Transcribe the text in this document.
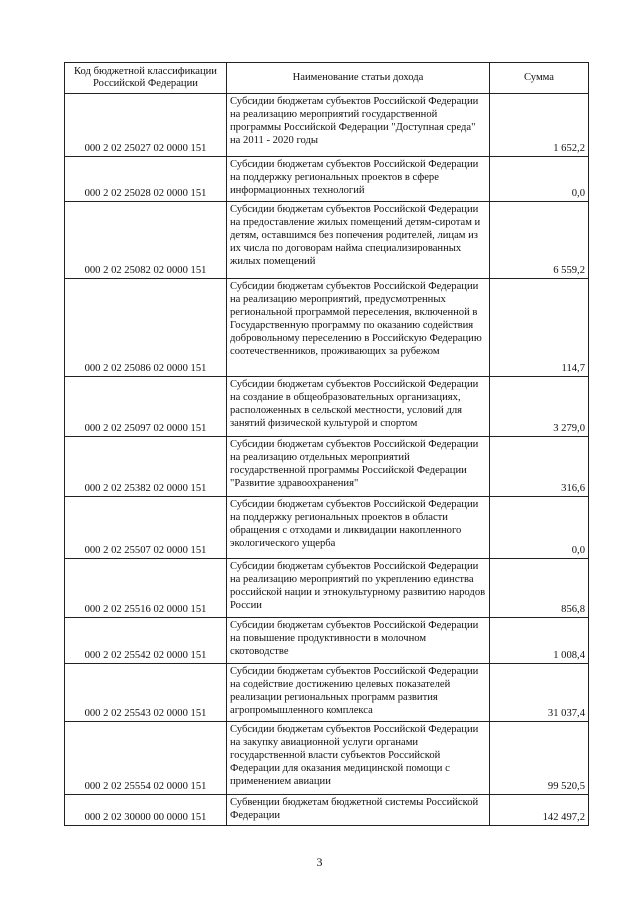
Код бюджетной классификации Российской Федерации	Наименование статьи дохода	Сумма
000 2 02 25027 02 0000 151	Субсидии бюджетам субъектов Российской Федерации на реализацию мероприятий государственной программы Российской Федерации "Доступная среда" на 2011 - 2020 годы	1 652,2
000 2 02 25028 02 0000 151	Субсидии бюджетам субъектов Российской Федерации на поддержку региональных проектов в сфере информационных технологий	0,0
000 2 02 25082 02 0000 151	Субсидии бюджетам субъектов Российской Федерации на предоставление жилых помещений детям-сиротам и детям, оставшимся без попечения родителей, лицам из их числа по договорам найма специализированных жилых помещений	6 559,2
000 2 02 25086 02 0000 151	Субсидии бюджетам субъектов Российской Федерации на реализацию мероприятий, предусмотренных региональной программой переселения, включенной в Государственную программу по оказанию содействия добровольному переселению в Российскую Федерацию соотечественников, проживающих за рубежом	114,7
000 2 02 25097 02 0000 151	Субсидии бюджетам субъектов Российской Федерации на создание в общеобразовательных организациях, расположенных в сельской местности, условий для занятий физической культурой и спортом	3 279,0
000 2 02 25382 02 0000 151	Субсидии бюджетам субъектов Российской Федерации на реализацию отдельных мероприятий государственной программы Российской Федерации "Развитие здравоохранения"	316,6
000 2 02 25507 02 0000 151	Субсидии бюджетам субъектов Российской Федерации на поддержку региональных проектов в области обращения с отходами и ликвидации накопленного экологического ущерба	0,0
000 2 02 25516 02 0000 151	Субсидии бюджетам субъектов Российской Федерации на реализацию мероприятий по укреплению единства российской нации и этнокультурному развитию народов России	856,8
000 2 02 25542 02 0000 151	Субсидии бюджетам субъектов Российской Федерации на повышение продуктивности в молочном скотоводстве	1 008,4
000 2 02 25543 02 0000 151	Субсидии бюджетам субъектов Российской Федерации на содействие достижению целевых показателей реализации региональных программ развития агропромышленного комплекса	31 037,4
000 2 02 25554 02 0000 151	Субсидии бюджетам субъектов Российской Федерации на закупку авиационной услуги органами государственной власти субъектов Российской Федерации для оказания медицинской помощи с применением авиации	99 520,5
000 2 02 30000 00 0000 151	Субвенции бюджетам бюджетной системы Российской Федерации	142 497,2
3
